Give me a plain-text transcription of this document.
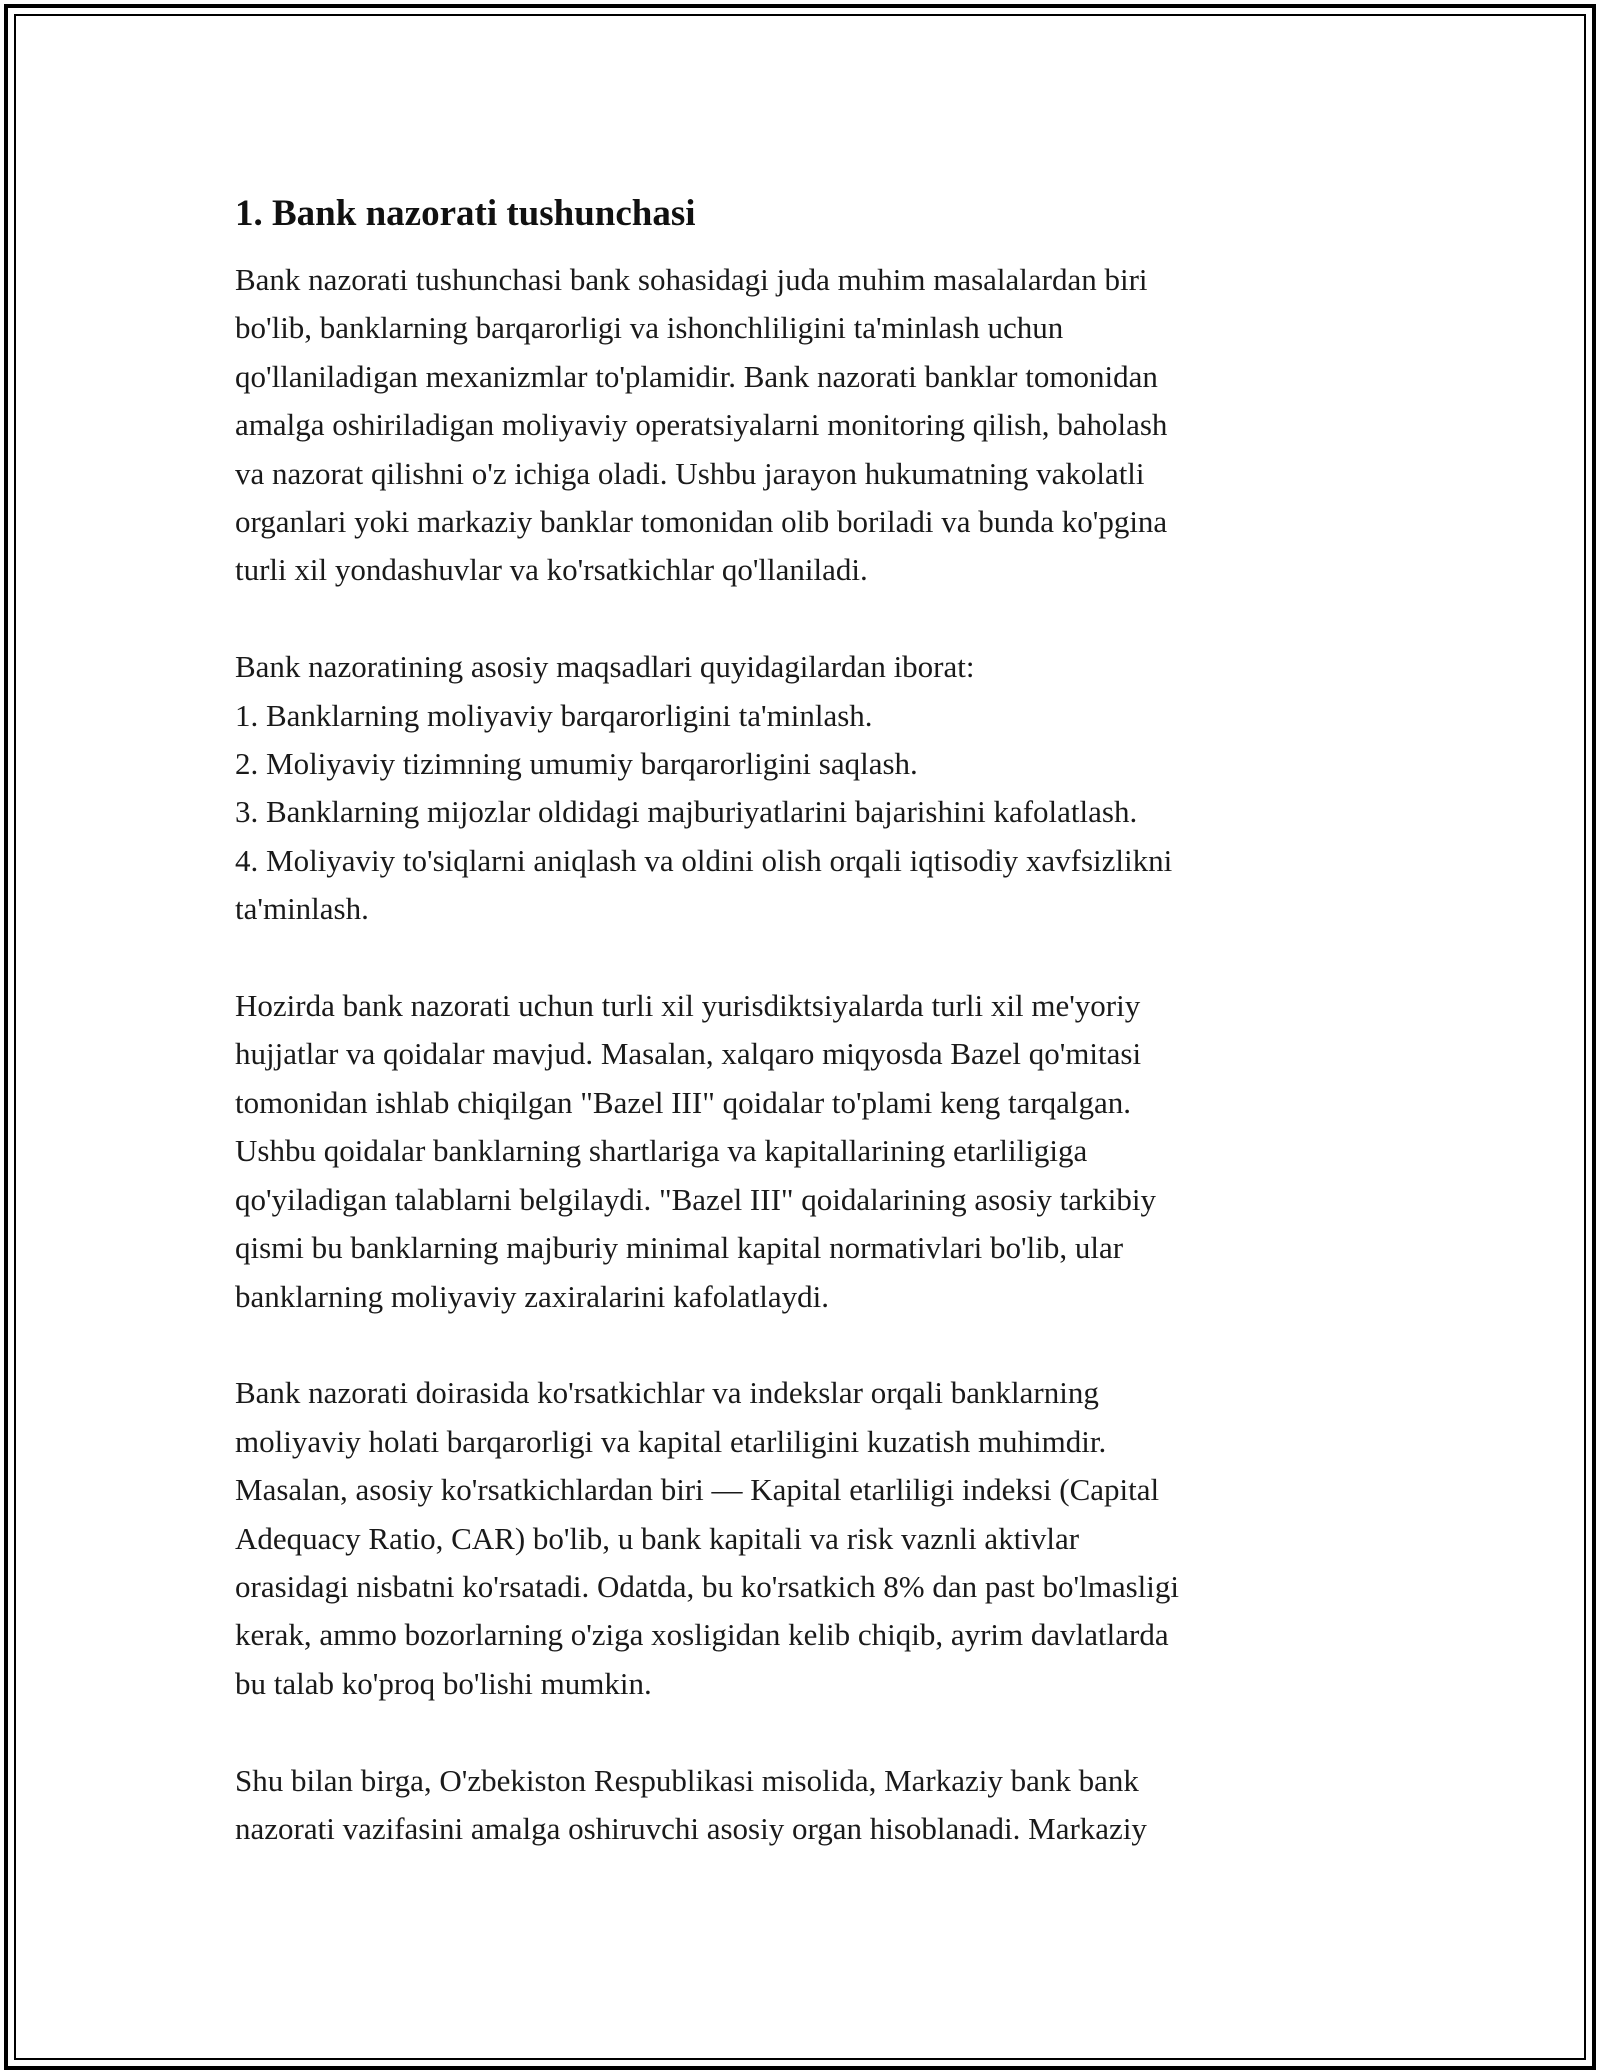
1. Bank nazorati tushunchasi

Bank nazorati tushunchasi bank sohasidagi juda muhim masalalardan biri
bo'lib, banklarning barqarorligi va ishonchliligini ta'minlash uchun
qo'llaniladigan mexanizmlar to'plamidir. Bank nazorati banklar tomonidan
amalga oshiriladigan moliyaviy operatsiyalarni monitoring qilish, baholash
va nazorat qilishni o'z ichiga oladi. Ushbu jarayon hukumatning vakolatli
organlari yoki markaziy banklar tomonidan olib boriladi va bunda ko'pgina
turli xil yondashuvlar va ko'rsatkichlar qo'llaniladi.

Bank nazoratining asosiy maqsadlari quyidagilardan iborat:
1. Banklarning moliyaviy barqarorligini ta'minlash.
2. Moliyaviy tizimning umumiy barqarorligini saqlash.
3. Banklarning mijozlar oldidagi majburiyatlarini bajarishini kafolatlash.
4. Moliyaviy to'siqlarni aniqlash va oldini olish orqali iqtisodiy xavfsizlikni
ta'minlash.

Hozirda bank nazorati uchun turli xil yurisdiktsiyalarda turli xil me'yoriy
hujjatlar va qoidalar mavjud. Masalan, xalqaro miqyosda Bazel qo'mitasi
tomonidan ishlab chiqilgan "Bazel III" qoidalar to'plami keng tarqalgan.
Ushbu qoidalar banklarning shartlariga va kapitallarining etarliligiga
qo'yiladigan talablarni belgilaydi. "Bazel III" qoidalarining asosiy tarkibiy
qismi bu banklarning majburiy minimal kapital normativlari bo'lib, ular
banklarning moliyaviy zaxiralarini kafolatlaydi.

Bank nazorati doirasida ko'rsatkichlar va indekslar orqali banklarning
moliyaviy holati barqarorligi va kapital etarliligini kuzatish muhimdir.
Masalan, asosiy ko'rsatkichlardan biri — Kapital etarliligi indeksi (Capital
Adequacy Ratio, CAR) bo'lib, u bank kapitali va risk vaznli aktivlar
orasidagi nisbatni ko'rsatadi. Odatda, bu ko'rsatkich 8% dan past bo'lmasligi
kerak, ammo bozorlarning o'ziga xosligidan kelib chiqib, ayrim davlatlarda
bu talab ko'proq bo'lishi mumkin.

Shu bilan birga, O'zbekiston Respublikasi misolida, Markaziy bank bank
nazorati vazifasini amalga oshiruvchi asosiy organ hisoblanadi. Markaziy
